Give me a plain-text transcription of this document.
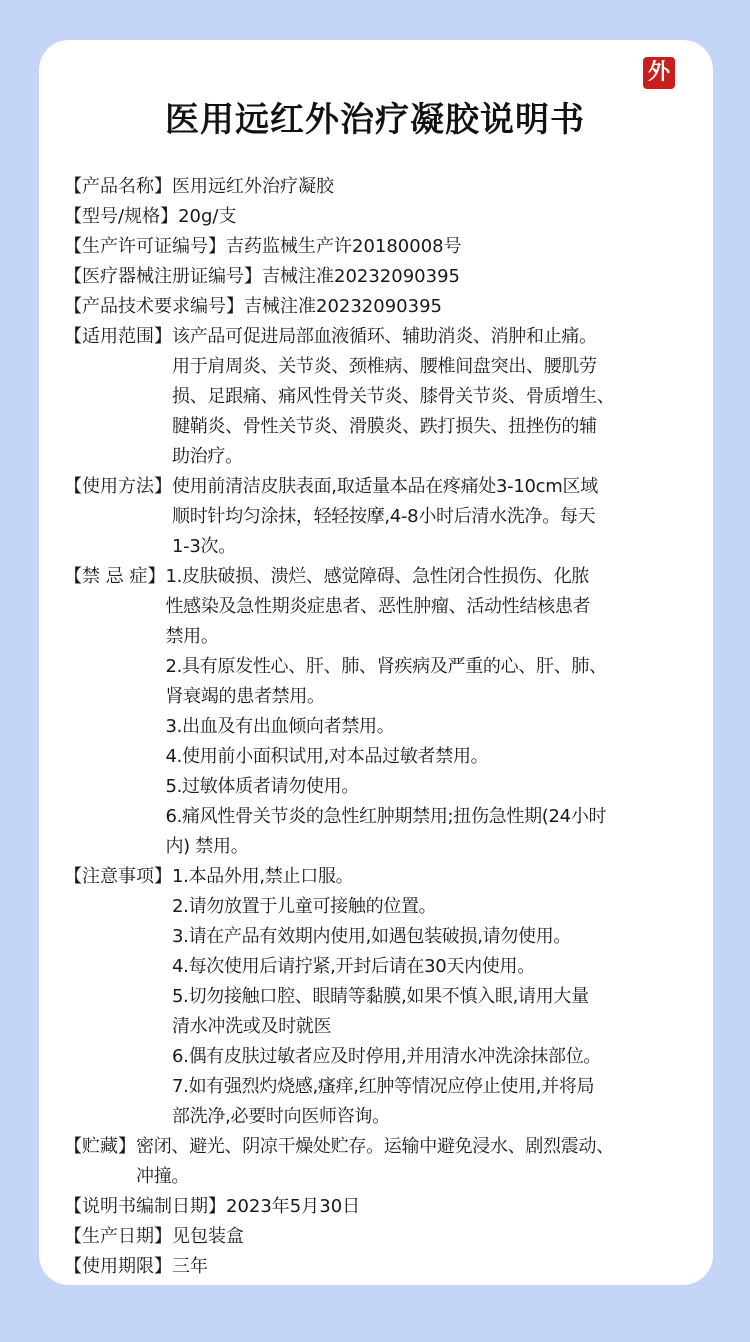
外
医用远红外治疗凝胶说明书
【产品名称】 医用远红外治疗凝胶
【型号/规格】 20g/支
【生产许可证编号】 吉药监械生产许20180008号
【医疗器械注册证编号】 吉械注准20232090395
【产品技术要求编号】 吉械注准20232090395
【适用范围】 该产品可促进局部血液循环、辅助消炎、消肿和止痛。

用于肩周炎、关节炎、颈椎病、腰椎间盘突出、腰肌劳

损、足跟痛、痛风性骨关节炎、膝骨关节炎、骨质增生、

腱鞘炎、骨性关节炎、滑膜炎、跌打损失、扭挫伤的辅

助治疗。

【使用方法】 使用前清洁皮肤表面,取适量本品在疼痛处3-10cm区域

顺时针均匀涂抹，轻轻按摩,4-8小时后清水洗净。每天

1-3次。

【禁 忌 症】 1.皮肤破损、溃烂、感觉障碍、急性闭合性损伤、化脓

性感染及急性期炎症患者、恶性肿瘤、活动性结核患者

禁用。

2.具有原发性心、肝、肺、肾疾病及严重的心、肝、肺、

肾衰竭的患者禁用。

3.出血及有出血倾向者禁用。

4.使用前小面积试用,对本品过敏者禁用。

5.过敏体质者请勿使用。

6.痛风性骨关节炎的急性红肿期禁用;扭伤急性期(24小时

内) 禁用。

【注意事项】 1.本品外用,禁止口服。

2.请勿放置于儿童可接触的位置。

3.请在产品有效期内使用,如遇包装破损,请勿使用。

4.每次使用后请拧紧,开封后请在30天内使用。

5.切勿接触口腔、眼睛等黏膜,如果不慎入眼,请用大量

清水冲洗或及时就医

6.偶有皮肤过敏者应及时停用,并用清水冲洗涂抹部位。

7.如有强烈灼烧感,瘙痒,红肿等情况应停止使用,并将局

部洗净,必要时向医师咨询。

【贮藏】 密闭、避光、阴凉干燥处贮存。运输中避免浸水、剧烈震动、

冲撞。

【说明书编制日期】 2023年5月30日
【生产日期】 见包装盒
【使用期限】 三年
